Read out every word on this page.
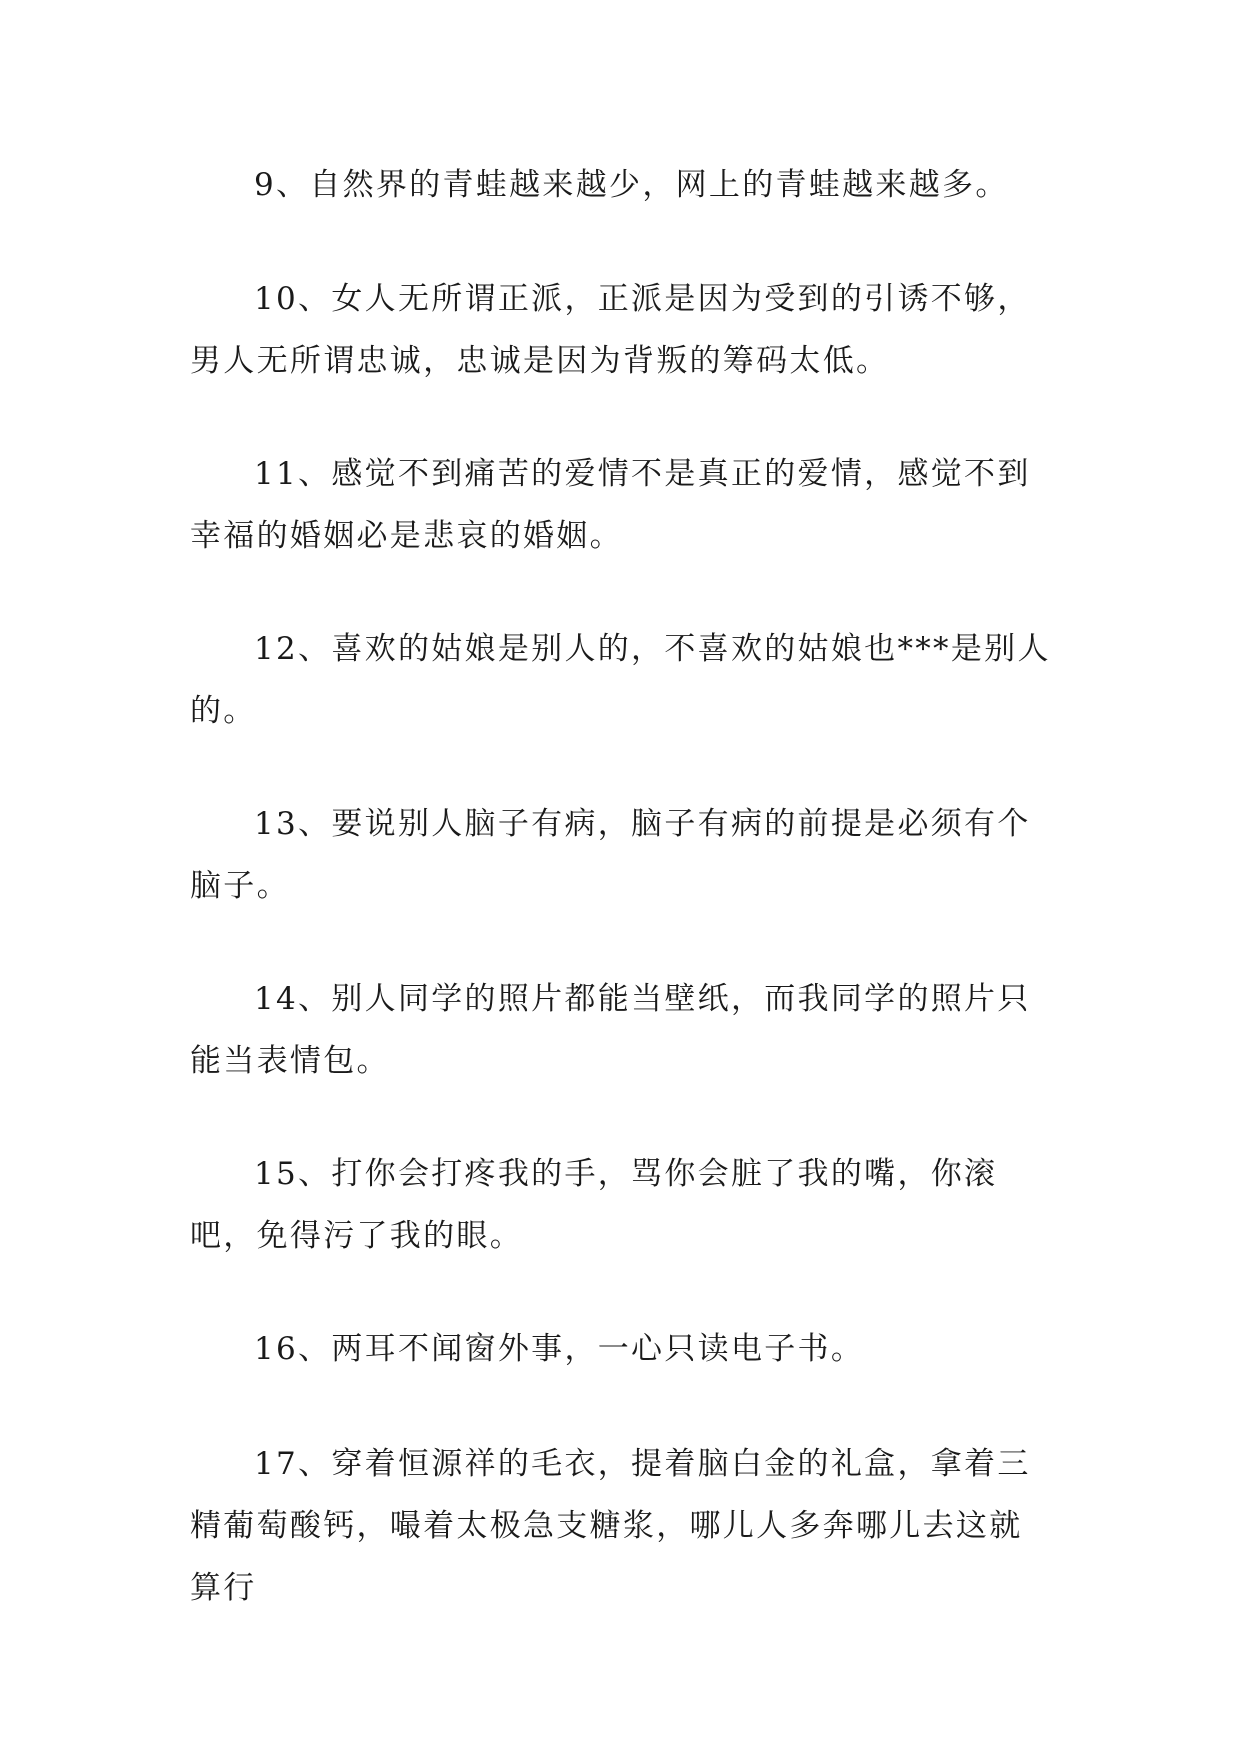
9、自然界的青蛙越来越少，网上的青蛙越来越多。

10、女人无所谓正派，正派是因为受到的引诱不够，男人无所谓忠诚，忠诚是因为背叛的筹码太低。

11、感觉不到痛苦的爱情不是真正的爱情，感觉不到幸福的婚姻必是悲哀的婚姻。

12、喜欢的姑娘是别人的，不喜欢的姑娘也***是别人的。

13、要说别人脑子有病，脑子有病的前提是必须有个脑子。

14、别人同学的照片都能当壁纸，而我同学的照片只能当表情包。

15、打你会打疼我的手，骂你会脏了我的嘴，你滚吧，免得污了我的眼。

16、两耳不闻窗外事，一心只读电子书。

17、穿着恒源祥的毛衣，提着脑白金的礼盒，拿着三精葡萄酸钙，嘬着太极急支糖浆，哪儿人多奔哪儿去这就算行
